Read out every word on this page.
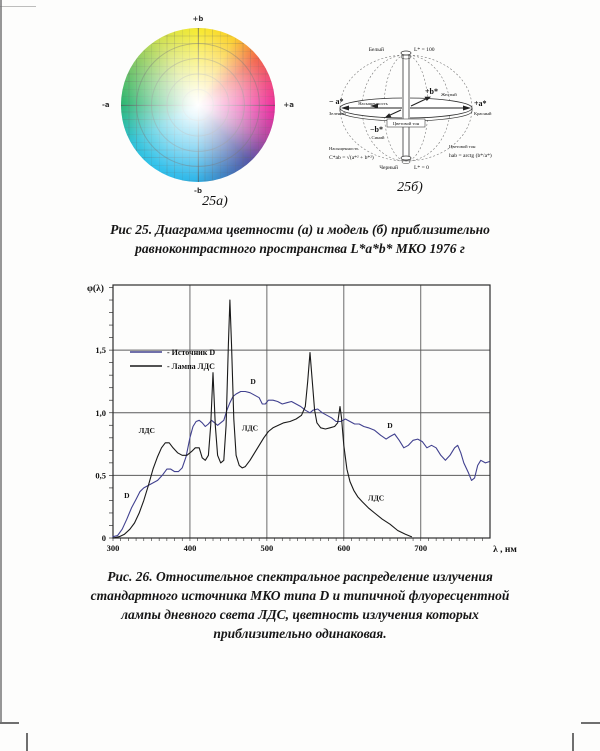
+b
-b
-a	+a
25а)
Белый	L* = 100
Черный	L* = 0
+b* Желтый
+a*
Красный
− a*
Зеленый
−b*
Синий
Насыщенность
Цветовой тон
Насыщенность
C*ab = √(a*² + b*²)
Цветовой тон
hab = arctg (b*/a*)
25б)
Рис 25. Диаграмма цветности (а) и модель (б) приблизительно
равноконтрастного пространства L*a*b* МКО 1976 г
φ(λ)
λ , нм
300	400	500	600	700
0
0,5
1,0
1,5	- Источник D
- Лампа ЛДС
D
D
D
ЛДС	ЛДС
ЛДС
Рис. 26. Относительное спектральное распределение излучения
стандартного источника МКО типа D и типичной флуоресцентной
лампы дневного света ЛДС, цветность излучения которых
приблизительно одинаковая.
